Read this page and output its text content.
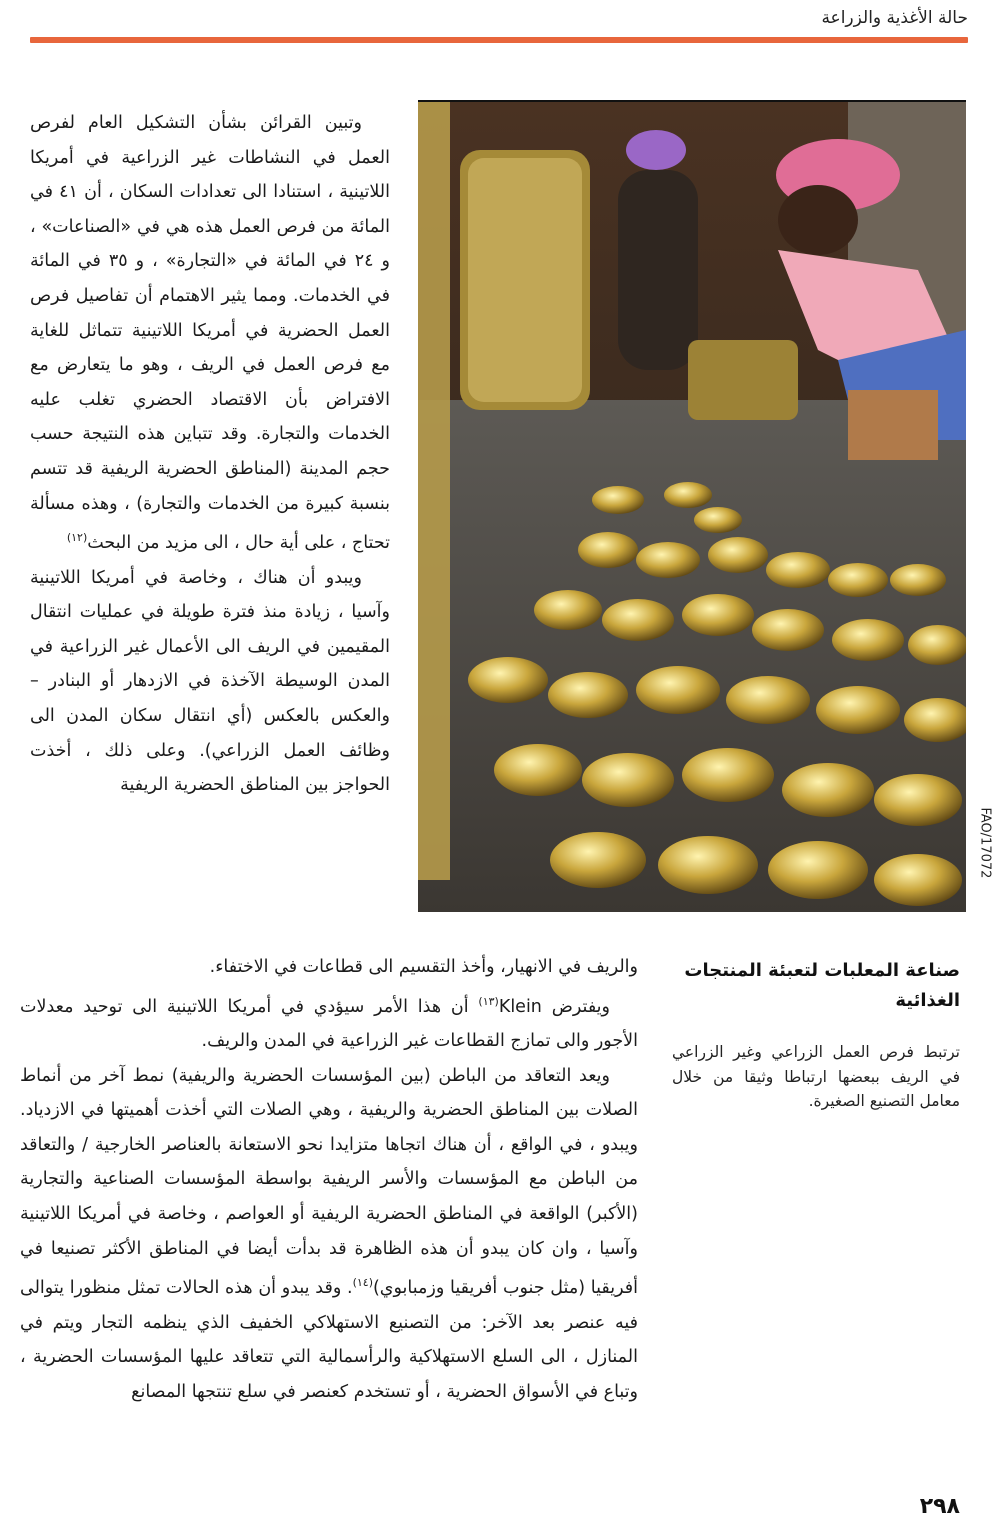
حالة الأغذية والزراعة
FAO/17072

وتبين القرائن بشأن التشكيل العام لفرص العمل في النشاطات غير الزراعية في أمريكا اللاتينية ، استنادا الى تعدادات السكان ، أن ٤١ في المائة من فرص العمل هذه هي في «الصناعات» ، و ٢٤ في المائة في «التجارة» ، و ٣٥ في المائة في الخدمات. ومما يثير الاهتمام أن تفاصيل فرص العمل الحضرية في أمريكا اللاتينية تتماثل للغاية مع فرص العمل في الريف ، وهو ما يتعارض مع الافتراض بأن الاقتصاد الحضري تغلب عليه الخدمات والتجارة. وقد تتباين هذه النتيجة حسب حجم المدينة (المناطق الحضرية الريفية قد تتسم بنسبة كبيرة من الخدمات والتجارة) ، وهذه مسألة تحتاج ، على أية حال ، الى مزيد من البحث$^{(١٢)}$

ويبدو أن هناك ، وخاصة في أمريكا اللاتينية وآسيا ، زيادة منذ فترة طويلة في عمليات انتقال المقيمين في الريف الى الأعمال غير الزراعية في المدن الوسيطة الآخذة في الازدهار أو البنادر – والعكس بالعكس (أي انتقال سكان المدن الى وظائف العمل الزراعي). وعلى ذلك ، أخذت الحواجز بين المناطق الحضرية الريفية

والريف في الانهيار، وأخذ التقسيم الى قطاعات في الاختفاء.

ويفترض Klein$^{(١٣)}$ أن هذا الأمر سيؤدي في أمريكا اللاتينية الى توحيد معدلات الأجور والى تمازج القطاعات غير الزراعية في المدن والريف.

ويعد التعاقد من الباطن (بين المؤسسات الحضرية والريفية) نمط آخر من أنماط الصلات بين المناطق الحضرية والريفية ، وهي الصلات التي أخذت أهميتها في الازدياد. ويبدو ، في الواقع ، أن هناك اتجاها متزايدا نحو الاستعانة بالعناصر الخارجية / والتعاقد من الباطن مع المؤسسات والأسر الريفية بواسطة المؤسسات الصناعية والتجارية (الأكبر) الواقعة في المناطق الحضرية الريفية أو العواصم ، وخاصة في أمريكا اللاتينية وآسيا ، وان كان يبدو أن هذه الظاهرة قد بدأت أيضا في المناطق الأكثر تصنيعا في أفريقيا (مثل جنوب أفريقيا وزمبابوي)$^{(١٤)}$. وقد يبدو أن هذه الحالات تمثل منظورا يتوالى فيه عنصر بعد الآخر: من التصنيع الاستهلاكي الخفيف الذي ينظمه التجار ويتم في المنازل ، الى السلع الاستهلاكية والرأسمالية التي تتعاقد عليها المؤسسات الحضرية ، وتباع في الأسواق الحضرية ، أو تستخدم كعنصر في سلع تنتجها المصانع

صناعة المعلبات لتعبئة المنتجات الغذائية
ترتبط فرص العمل الزراعي وغير الزراعي في الريف ببعضها ارتباطا وثيقا من خلال معامل التصنيع الصغيرة.
٢٩٨
